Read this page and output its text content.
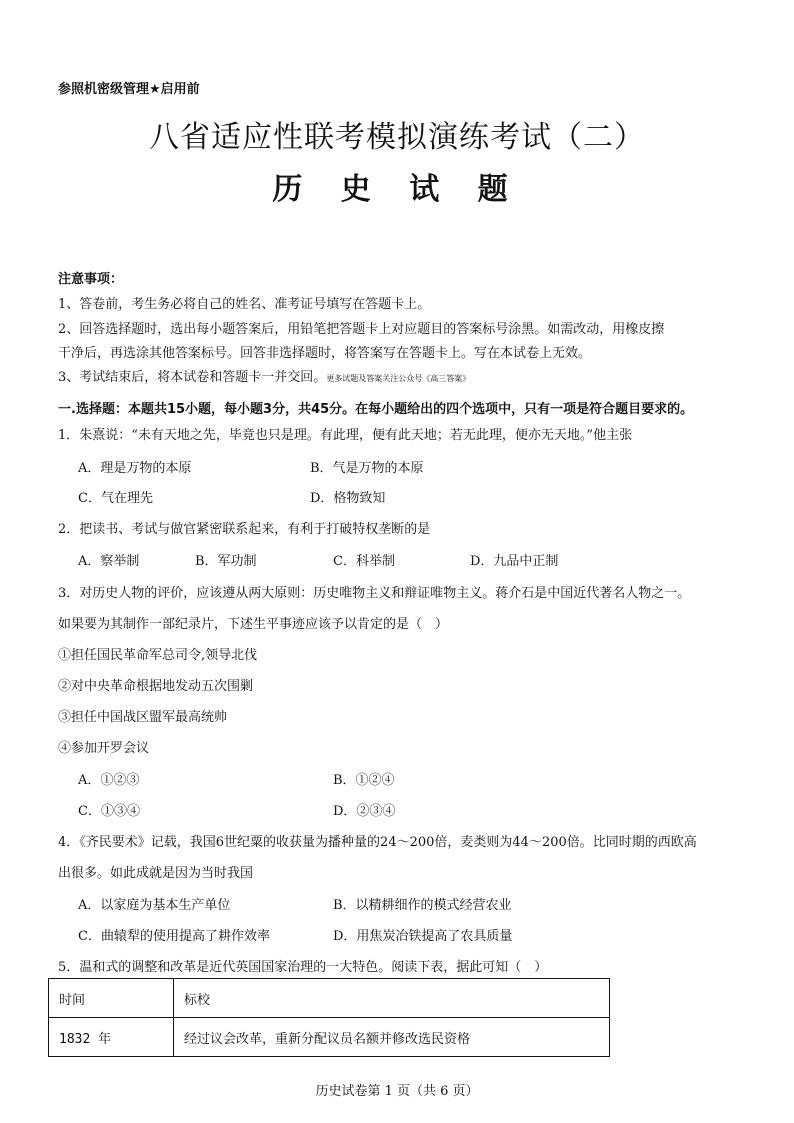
参照机密级管理★启用前
八省适应性联考模拟演练考试（二）
历 史 试 题
注意事项：
1、答卷前，考生务必将自己的姓名、准考证号填写在答题卡上。
2、回答选择题时，选出每小题答案后，用铅笔把答题卡上对应题目的答案标号涂黑。如需改动，用橡皮擦
干净后，再选涂其他答案标号。回答非选择题时，将答案写在答题卡上。写在本试卷上无效。
3、考试结束后，将本试卷和答题卡一并交回。更多试题及答案关注公众号《高三答案》
一.选择题：本题共15小题，每小题3分，共45分。在每小题给出的四个选项中，只有一项是符合题目要求的。
1．朱熹说：“未有天地之先，毕竟也只是理。有此理，便有此天地；若无此理，便亦无天地。”他主张
A．理是万物的本原	B．气是万物的本原
C．气在理先	D．格物致知
2．把读书、考试与做官紧密联系起来，有利于打破特权垄断的是
A．察举制	B．军功制	C．科举制	D．九品中正制
3．对历史人物的评价，应该遵从两大原则：历史唯物主义和辩证唯物主义。蒋介石是中国近代著名人物之一。
如果要为其制作一部纪录片，下述生平事迹应该予以肯定的是（　）
①担任国民革命军总司令,领导北伐
②对中央革命根据地发动五次围剿
③担任中国战区盟军最高统帅
④参加开罗会议
A．①②③	B．①②④
C．①③④	D．②③④
4．《齐民要术》记载，我国6世纪粟的收获量为播种量的24～200倍，麦类则为44～200倍。比同时期的西欧高
出很多。如此成就是因为当时我国
A．以家庭为基本生产单位	B．以精耕细作的模式经营农业
C．曲辕犁的使用提高了耕作效率	D．用焦炭冶铁提高了农具质量
5．温和式的调整和改革是近代英国国家治理的一大特色。阅读下表，据此可知（　）
时间	标校
1832 年	经过议会改革，重新分配议员名额并修改选民资格
历史试卷第 1 页（共 6 页）
